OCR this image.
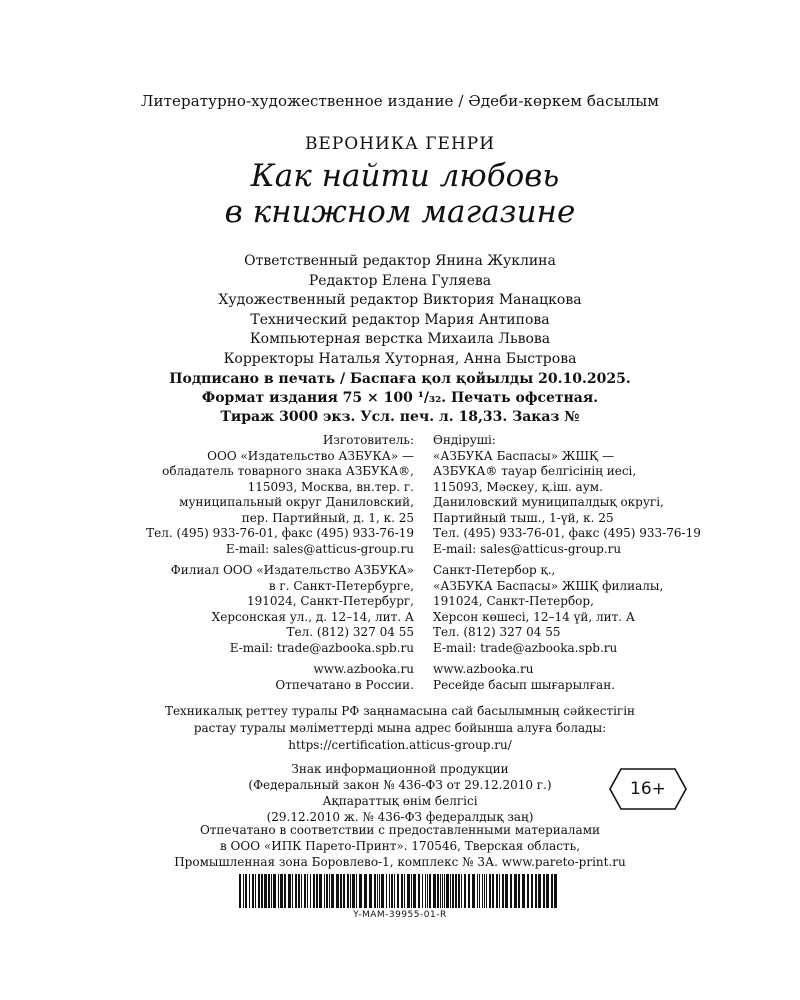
Литературно-художественное издание / Әдеби-көркем басылым
ВЕРОНИКА ГЕНРИ
Как найти любовь
в книжном магазине
Ответственный редактор Янина Жуклина
Редактор Елена Гуляева
Художественный редактор Виктория Манацкова
Технический редактор Мария Антипова
Компьютерная верстка Михаила Львова
Корректоры Наталья Хуторная, Анна Быстрова
Подписано в печать / Баспаға қол қойылды 20.10.2025.
Формат издания 75 × 100 ¹/₃₂. Печать офсетная.
Тираж 3000 экз. Усл. печ. л. 18,33. Заказ №
Изготовитель:
ООО «Издательство АЗБУКА» —
обладатель товарного знака АЗБУКА®,
115093, Москва, вн.тер. г.
муниципальный округ Даниловский,
пер. Партийный, д. 1, к. 25
Тел. (495) 933-76-01, факс (495) 933-76-19
E-mail: sales@atticus-group.ru
Филиал ООО «Издательство АЗБУКА»
в г. Санкт-Петербурге,
191024, Санкт-Петербург,
Херсонская ул., д. 12–14, лит. А
Тел. (812) 327 04 55
E-mail: trade@azbooka.spb.ru
www.azbooka.ru
Отпечатано в России.
Өндіруші:
«АЗБУКА Баспасы» ЖШҚ —
АЗБУКА® тауар белгісінің иесі,
115093, Мәскеу, қ.іш. аум.
Даниловский муниципалдық округі,
Партийный тыш., 1-үй, к. 25
Тел. (495) 933-76-01, факс (495) 933-76-19
E-mail: sales@atticus-group.ru
Санкт-Петербор қ.,
«АЗБУКА Баспасы» ЖШҚ филиалы,
191024, Санкт-Петербор,
Херсон көшесі, 12–14 үй, лит. А
Тел. (812) 327 04 55
E-mail: trade@azbooka.spb.ru
www.azbooka.ru
Ресейде басып шығарылған.
Техникалық реттеу туралы РФ заңнамасына сай басылымның сәйкестігін
растау туралы мәліметтерді мына адрес бойынша алуға болады:
https://certification.atticus-group.ru/
Знак информационной продукции
(Федеральный закон № 436-ФЗ от 29.12.2010 г.)
Ақпараттық өнім белгісі
(29.12.2010 ж. № 436-ФЗ федералдық заң)
16+
Отпечатано в соответствии с предоставленными материалами
в ООО «ИПК Парето-Принт». 170546, Тверская область,
Промышленная зона Боровлево-1, комплекс № 3А. www.pareto-print.ru
Y-MAM-39955-01-R
